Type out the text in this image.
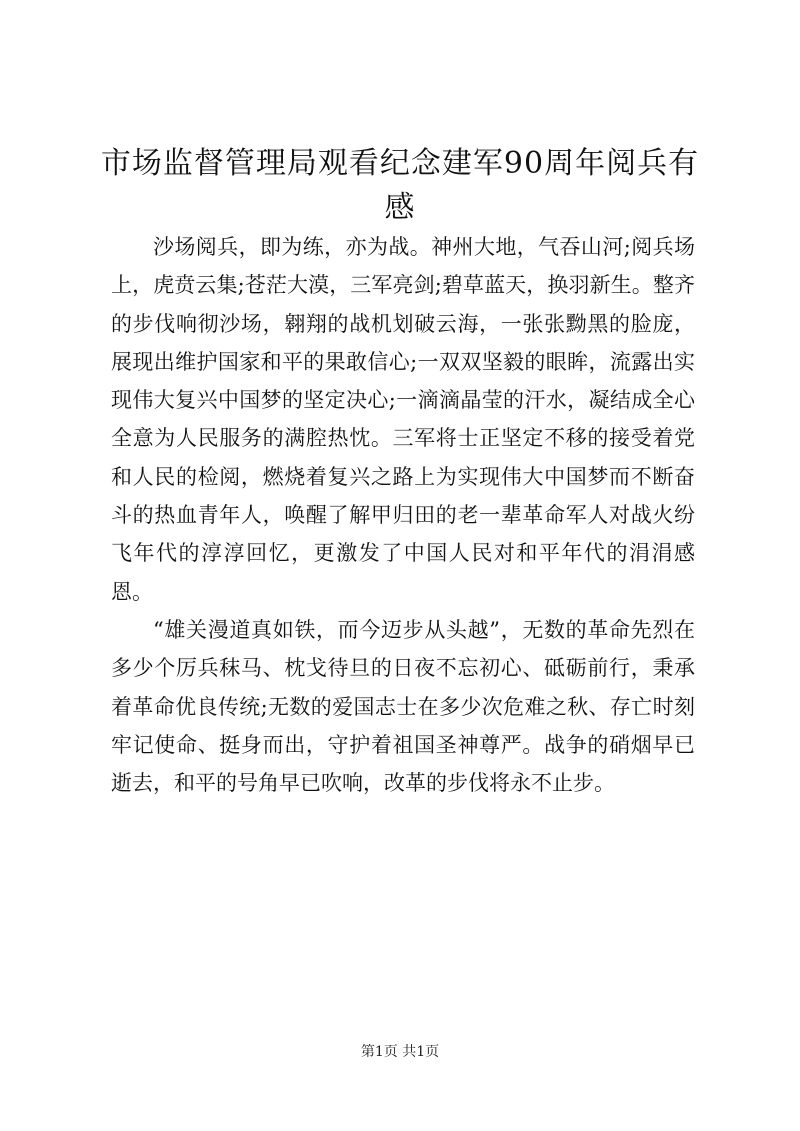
市场监督管理局观看纪念建军90周年阅兵有感

沙场阅兵，即为练，亦为战。神州大地，气吞山河;阅兵场上，虎贲云集;苍茫大漠，三军亮剑;碧草蓝天，换羽新生。整齐的步伐响彻沙场，翱翔的战机划破云海，一张张黝黑的脸庞，展现出维护国家和平的果敢信心;一双双坚毅的眼眸，流露出实现伟大复兴中国梦的坚定决心;一滴滴晶莹的汗水，凝结成全心全意为人民服务的满腔热忱。三军将士正坚定不移的接受着党和人民的检阅，燃烧着复兴之路上为实现伟大中国梦而不断奋斗的热血青年人，唤醒了解甲归田的老一辈革命军人对战火纷飞年代的淳淳回忆，更激发了中国人民对和平年代的涓涓感恩。

“雄关漫道真如铁，而今迈步从头越”，无数的革命先烈在多少个厉兵秣马、枕戈待旦的日夜不忘初心、砥砺前行，秉承着革命优良传统;无数的爱国志士在多少次危难之秋、存亡时刻牢记使命、挺身而出，守护着祖国圣神尊严。战争的硝烟早已逝去，和平的号角早已吹响，改革的步伐将永不止步。

第1页 共1页
